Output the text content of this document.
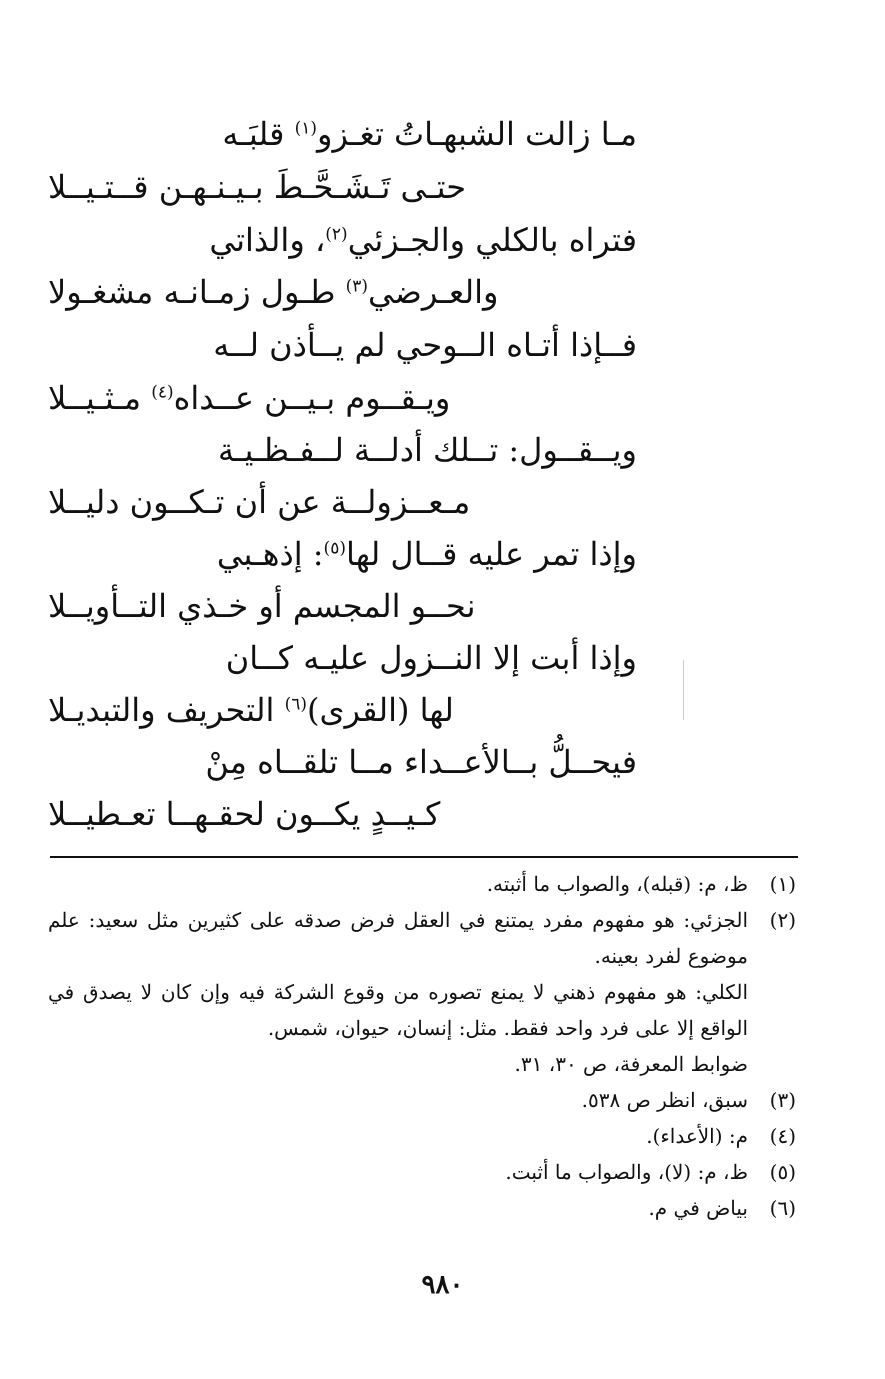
مـا زالت الشبهـاتُ تغـزو$^{(١)}$ قلبَـه
حتـى تَـشَـحَّـطَ بـيـنـهـن قــتـيــلا
فتراه بالكلي والجـزئي$^{(٢)}$، والذاتي
والعـرضي$^{(٣)}$ طـول زمـانـه مشغـولا
فــإذا أتـاه الــوحي لم يــأذن لــه
ويـقــوم بـيــن عــداه$^{(٤)}$ مـثـيــلا
ويــقــول: تــلك أدلــة لــفـظـيـة
مـعــزولــة عن أن تـكــون دليــلا
وإذا تمر عليه قــال لها$^{(٥)}$: إذهـبي
نحــو المجسم أو خـذي التــأويــلا
وإذا أبت إلا النــزول عليـه كــان
لها (القرى)$^{(٦)}$ التحريف والتبديـلا
فيحــلُّ بــالأعــداء مــا تلقــاه مِنْ
كـيــدٍ يكــون لحقـهــا تعـطيــلا
(١)

ظ، م: (قبله)، والصواب ما أثبته.

(٢)

الجزئي: هو مفهوم مفرد يمتنع في العقل فرض صدقه على كثيرين مثل سعيد: علم موضوع لفرد بعينه.

الكلي: هو مفهوم ذهني لا يمنع تصوره من وقوع الشركة فيه وإن كان لا يصدق في الواقع إلا على فرد واحد فقط. مثل: إنسان، حيوان، شمس.

ضوابط المعرفة، ص ٣٠، ٣١.

(٣)

سبق، انظر ص ٥٣٨.

(٤)

م: (الأعداء).

(٥)

ظ، م: (لا)، والصواب ما أثبت.

(٦)

بياض في م.

٩٨٠
